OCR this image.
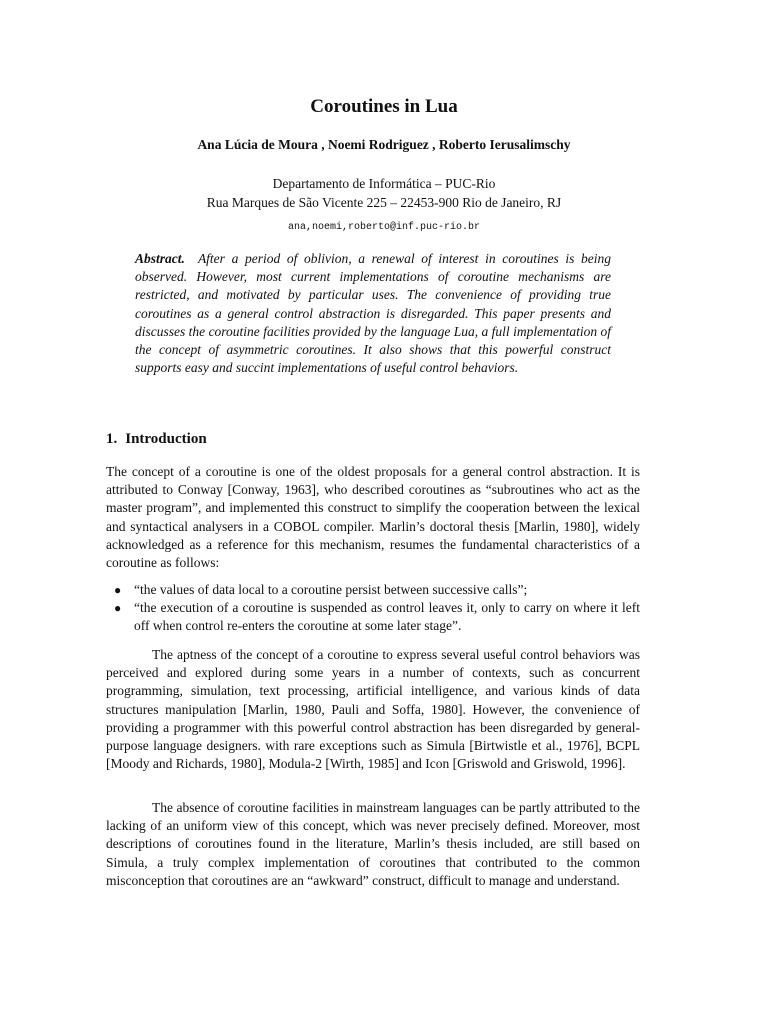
Coroutines in Lua
Ana Lúcia de Moura , Noemi Rodriguez , Roberto Ierusalimschy
Departamento de Informática – PUC-Rio
Rua Marques de São Vicente 225 – 22453-900 Rio de Janeiro, RJ
ana,noemi,roberto@inf.puc-rio.br

Abstract. After a period of oblivion, a renewal of interest in coroutines is being observed. However, most current implementations of coroutine mechanisms are restricted, and motivated by particular uses. The convenience of providing true coroutines as a general control abstraction is disregarded. This paper presents and discusses the coroutine facilities provided by the language Lua, a full implementation of the concept of asymmetric coroutines. It also shows that this powerful construct supports easy and succint implementations of useful control behaviors.

1. Introduction

The concept of a coroutine is one of the oldest proposals for a general control abstraction. It is attributed to Conway [Conway, 1963], who described coroutines as “subroutines who act as the master program”, and implemented this construct to simplify the cooperation between the lexical and syntactical analysers in a COBOL compiler. Marlin’s doctoral thesis [Marlin, 1980], widely acknowledged as a reference for this mechanism, resumes the fundamental characteristics of a coroutine as follows:

● “the values of data local to a coroutine persist between successive calls”;
● “the execution of a coroutine is suspended as control leaves it, only to carry on where it left off when control re-enters the coroutine at some later stage”.

The aptness of the concept of a coroutine to express several useful control behaviors was perceived and explored during some years in a number of contexts, such as concurrent programming, simulation, text processing, artificial intelligence, and various kinds of data structures manipulation [Marlin, 1980, Pauli and Soffa, 1980]. However, the convenience of providing a programmer with this powerful control abstraction has been disregarded by general-purpose language designers. with rare exceptions such as Simula [Birtwistle et al., 1976], BCPL [Moody and Richards, 1980], Modula-2 [Wirth, 1985] and Icon [Griswold and Griswold, 1996].

The absence of coroutine facilities in mainstream languages can be partly attributed to the lacking of an uniform view of this concept, which was never precisely defined. Moreover, most descriptions of coroutines found in the literature, Marlin’s thesis included, are still based on Simula, a truly complex implementation of coroutines that contributed to the common misconception that coroutines are an “awkward” construct, difficult to manage and understand.
